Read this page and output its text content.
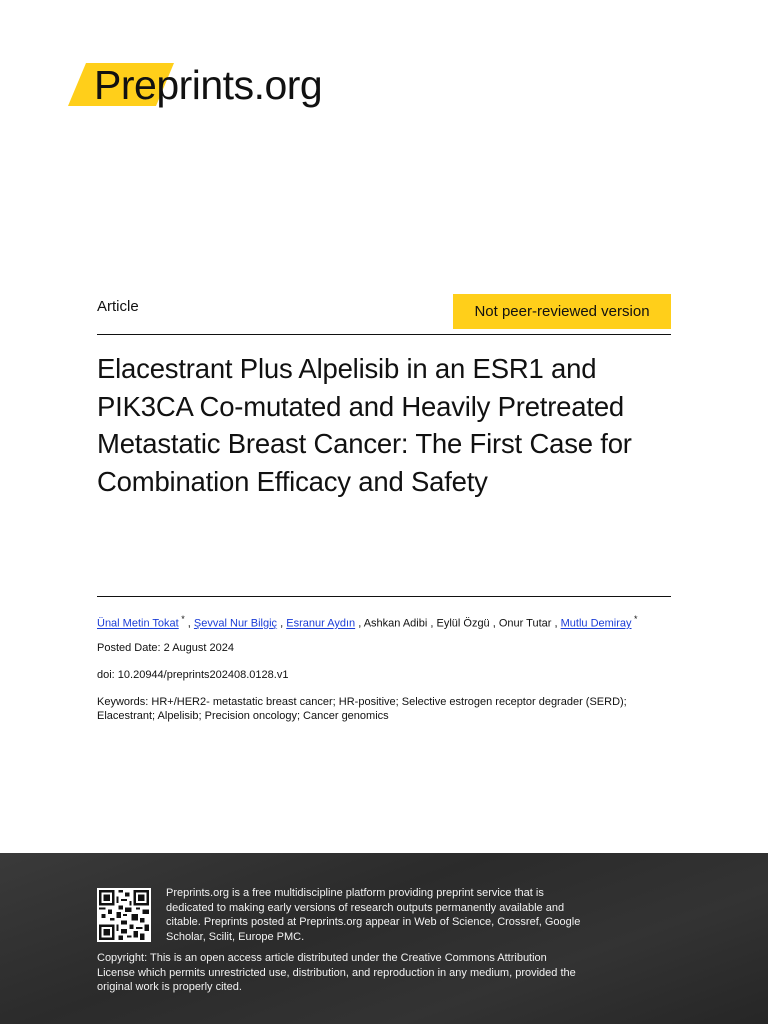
Preprints.org
Article	Not peer-reviewed version
Elacestrant Plus Alpelisib in an ESR1 and PIK3CA Co-mutated and Heavily Pretreated Metastatic Breast Cancer: The First Case for Combination Efficacy and Safety
Ünal Metin Tokat * , Şevval Nur Bilgiç , Esranur Aydın , Ashkan Adibi , Eylül Özgü , Onur Tutar , Mutlu Demiray *
Posted Date: 2 August 2024
doi: 10.20944/preprints202408.0128.v1
Keywords: HR+/HER2- metastatic breast cancer; HR-positive; Selective estrogen receptor degrader (SERD); Elacestrant; Alpelisib; Precision oncology; Cancer genomics
Preprints.org is a free multidiscipline platform providing preprint service that is dedicated to making early versions of research outputs permanently available and citable. Preprints posted at Preprints.org appear in Web of Science, Crossref, Google Scholar, Scilit, Europe PMC.
Copyright: This is an open access article distributed under the Creative Commons Attribution License which permits unrestricted use, distribution, and reproduction in any medium, provided the original work is properly cited.
